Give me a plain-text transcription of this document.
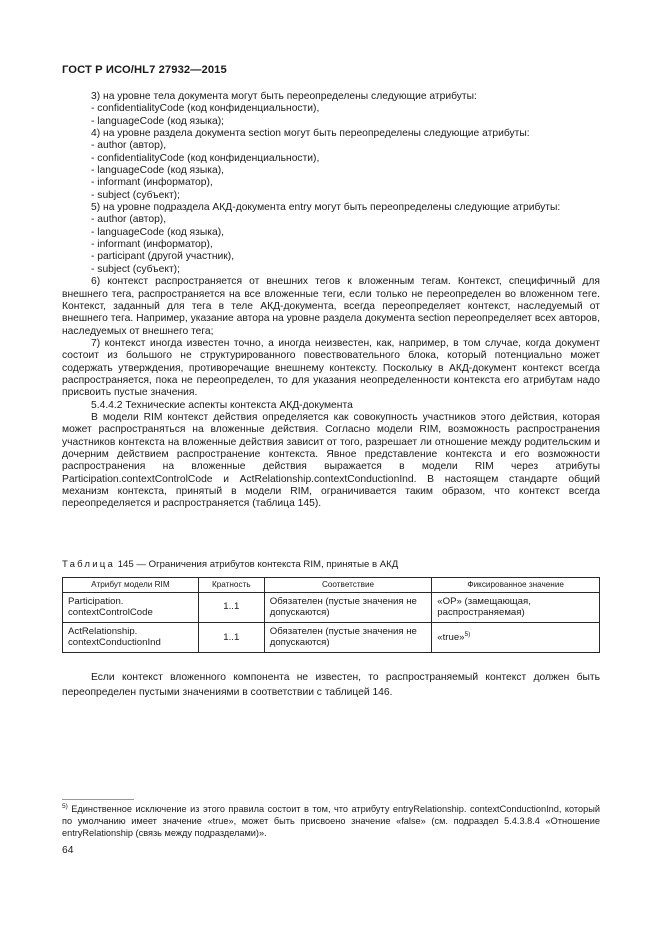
ГОСТ Р ИСО/HL7 27932—2015

3) на уровне тела документа могут быть переопределены следующие атрибуты:

- confidentialityCode (код конфиденциальности),

- languageCode (код языка);

4) на уровне раздела документа section могут быть переопределены следующие атрибуты:

- author (автор),

- confidentialityCode (код конфиденциальности),

- languageCode (код языка),

- informant (информатор),

- subject (субъект);

5) на уровне подраздела АКД-документа entry могут быть переопределены следующие атрибуты:

- author (автор),

- languageCode (код языка),

- informant (информатор),

- participant (другой участник),

- subject (субъект);

6) контекст распространяется от внешних тегов к вложенным тегам. Контекст, специфичный для внешнего тега, распространяется на все вложенные теги, если только не переопределен во вложенном теге. Контекст, заданный для тега в теле АКД-документа, всегда переопределяет контекст, наследуемый от внешнего тега. Например, указание автора на уровне раздела документа section переопределяет всех авторов, наследуемых от внешнего тега;

7) контекст иногда известен точно, а иногда неизвестен, как, например, в том случае, когда документ состоит из большого не структурированного повествовательного блока, который потенциально может содержать утверждения, противоречащие внешнему контексту. Поскольку в АКД-документ контекст всегда распространяется, пока не переопределен, то для указания неопределенности контекста его атрибутам надо присвоить пустые значения.

5.4.4.2 Технические аспекты контекста АКД-документа

В модели RIM контекст действия определяется как совокупность участников этого действия, которая может распространяться на вложенные действия. Согласно модели RIM, возможность распространения участников контекста на вложенные действия зависит от того, разрешает ли отношение между родительским и дочерним действием распространение контекста. Явное представление контекста и его возможности распространения на вложенные действия выражается в модели RIM через атрибуты Participation.contextControlCode и ActRelationship.contextConductionInd. В настоящем стандарте общий механизм контекста, принятый в модели RIM, ограничивается таким образом, что контекст всегда переопределяется и распространяется (таблица 145).

Таблица 145 — Ограничения атрибутов контекста RIM, принятые в АКД
Атрибут модели RIM	Кратность	Соответствие	Фиксированное значение

Participation.
contextControlCode	1..1	Обязателен (пустые значения не допускаются)	«OP» (замещающая, распространяемая)

ActRelationship.
contextConductionInd	1..1	Обязателен (пустые значения не допускаются)	«true»$^{5)}$
Если контекст вложенного компонента не известен, то распространяемый контекст должен быть переопределен пустыми значениями в соответствии с таблицей 146.
$^{5)}$ Единственное исключение из этого правила состоит в том, что атрибуту entryRelationship. contextConductionInd, который по умолчанию имеет значение «true», может быть присвоено значение «false» (см. подраздел 5.4.3.8.4 «Отношение entryRelationship (связь между подразделами)».
64
